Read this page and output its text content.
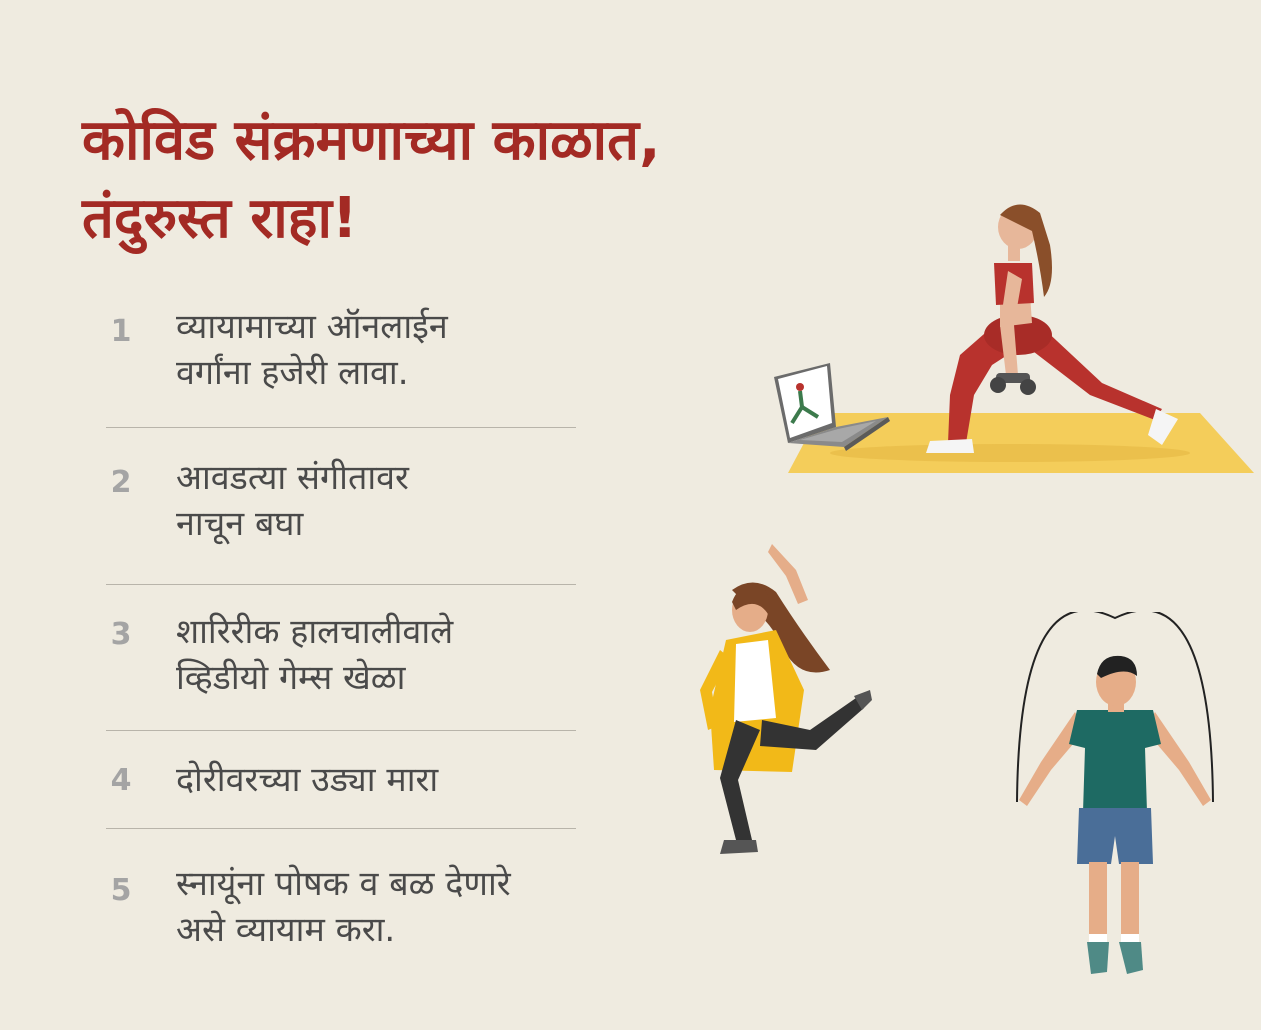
कोविड संक्रमणाच्या काळात,
तंदुरुस्त राहा!
1 व्यायामाच्या ऑनलाईन
वर्गांना हजेरी लावा.
2 आवडत्या संगीतावर
नाचून बघा
3 शारिरीक हालचालीवाले
व्हिडीयो गेम्स खेळा
4 दोरीवरच्या उड्या मारा
5 स्नायूंना पोषक व बळ देणारे
असे व्यायाम करा.
